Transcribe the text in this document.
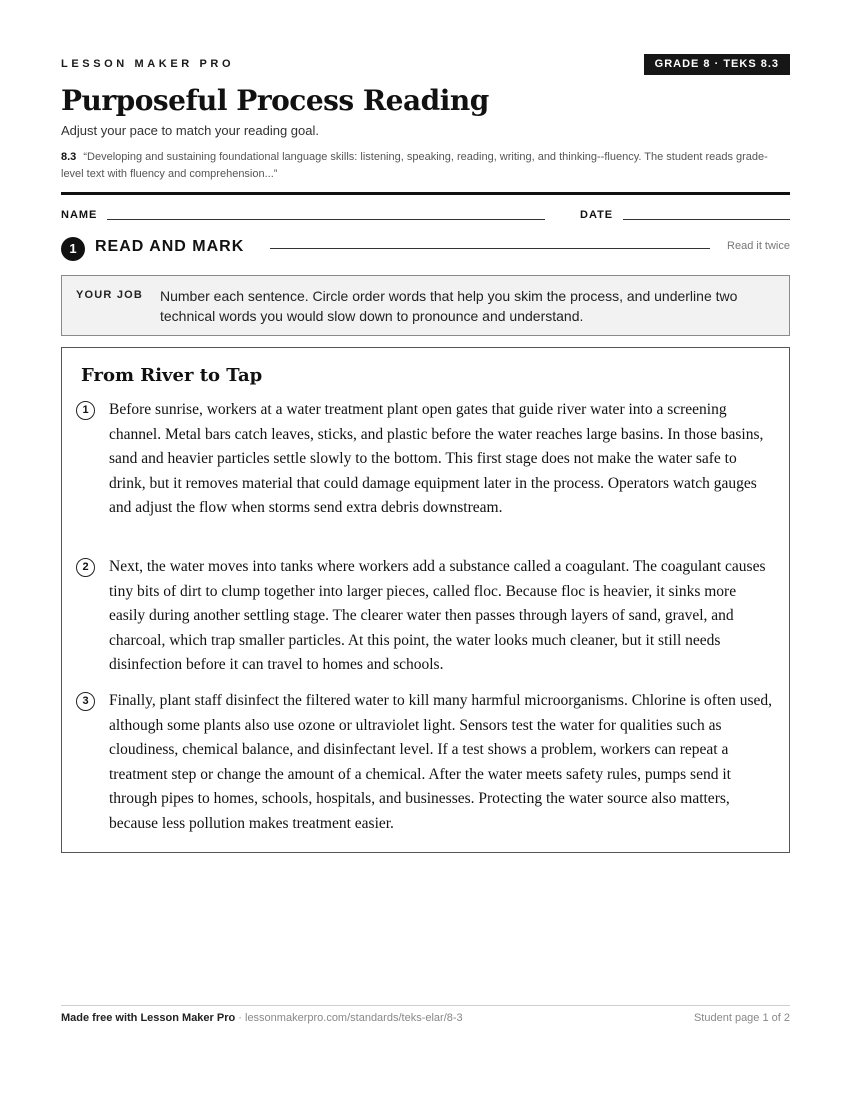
LESSON MAKER PRO	GRADE 8 · TEKS 8.3
Purposeful Process Reading
Adjust your pace to match your reading goal.
8.3 “Developing and sustaining foundational language skills: listening, speaking, reading, writing, and thinking--fluency. The student reads grade-level text with fluency and comprehension...”
NAME	DATE
1	READ AND MARK	Read it twice
YOUR JOB Number each sentence. Circle order words that help you skim the process, and underline two technical words you would slow down to pronounce and understand.
From River to Tap
1	Before sunrise, workers at a water treatment plant open gates that guide river water into a screening channel. Metal bars catch leaves, sticks, and plastic before the water reaches large basins. In those basins, sand and heavier particles settle slowly to the bottom. This first stage does not make the water safe to drink, but it removes material that could damage equipment later in the process. Operators watch gauges and adjust the flow when storms send extra debris downstream.

2	Next, the water moves into tanks where workers add a substance called a coagulant. The coagulant causes tiny bits of dirt to clump together into larger pieces, called floc. Because floc is heavier, it sinks more easily during another settling stage. The clearer water then passes through layers of sand, gravel, and charcoal, which trap smaller particles. At this point, the water looks much cleaner, but it still needs disinfection before it can travel to homes and schools.

3	Finally, plant staff disinfect the filtered water to kill many harmful microorganisms. Chlorine is often used, although some plants also use ozone or ultraviolet light. Sensors test the water for qualities such as cloudiness, chemical balance, and disinfectant level. If a test shows a problem, workers can repeat a treatment step or change the amount of a chemical. After the water meets safety rules, pumps send it through pipes to homes, schools, hospitals, and businesses. Protecting the water source also matters, because less pollution makes treatment easier.

Made free with Lesson Maker Pro · lessonmakerpro.com/standards/teks-elar/8-3	Student page 1 of 2
